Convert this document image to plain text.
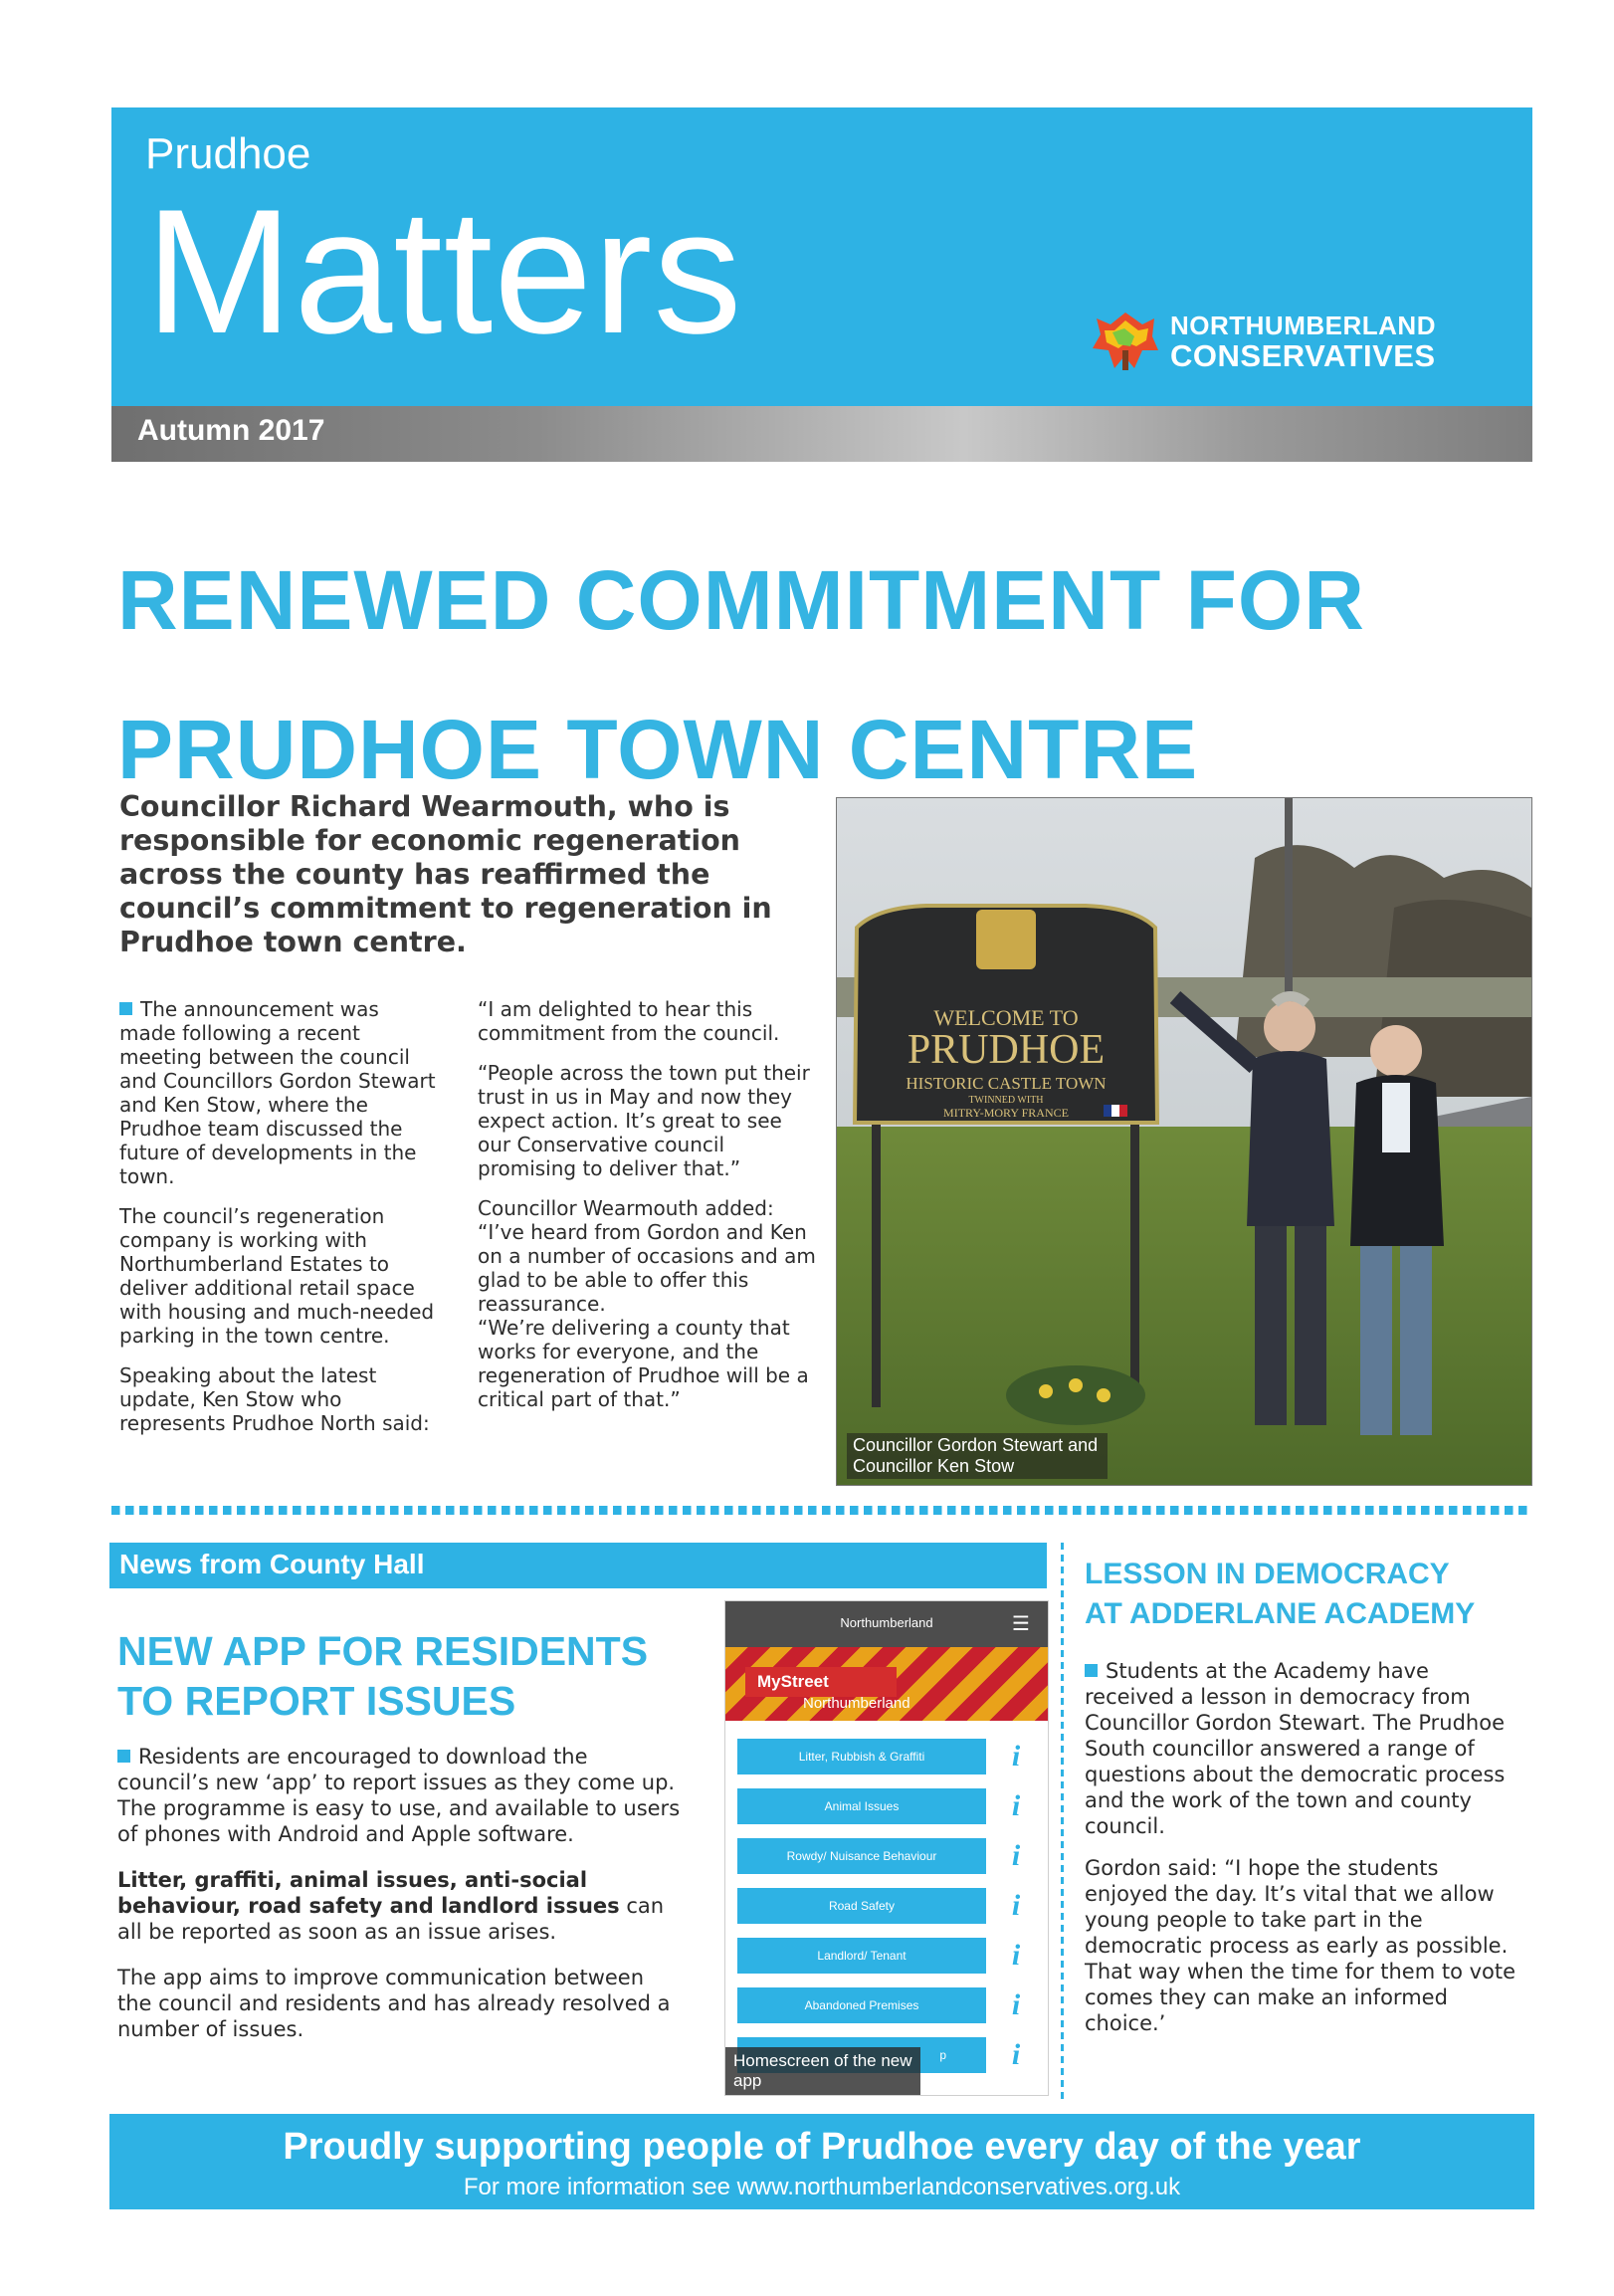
Prudhoe
Matters	NORTHUMBERLAND
CONSERVATIVES
Autumn 2017
RENEWED COMMITMENT FOR
PRUDHOE TOWN CENTRE
Councillor Richard Wearmouth, who is responsible for economic regeneration across the county has reaffirmed the council’s commitment to regeneration in Prudhoe town centre.

The announcement was made following a recent meeting between the council and Councillors Gordon Stewart and Ken Stow, where the Prudhoe team discussed the future of developments in the town.

The council’s regeneration company is working with Northumberland Estates to deliver additional retail space with housing and much-needed parking in the town centre.

Speaking about the latest update, Ken Stow who represents Prudhoe North said:

“I am delighted to hear this commitment from the council.

“People across the town put their trust in us in May and now they expect action. It’s great to see our Conservative council promising to deliver that.”

Councillor Wearmouth added: “I’ve heard from Gordon and Ken on a number of occasions and am glad to be able to offer this reassurance.

“We’re delivering a county that works for everyone, and the regeneration of Prudhoe will be a critical part of that.”

WELCOME TO
PRUDHOE
HISTORIC CASTLE TOWN
TWINNED WITH
MITRY-MORY FRANCE
Councillor Gordon Stewart and Councillor Ken Stow
News from County Hall
NEW APP FOR RESIDENTS
TO REPORT ISSUES

Residents are encouraged to download the council’s new ‘app’ to report issues as they come up. The programme is easy to use, and available to users of phones with Android and Apple software.

Litter, graffiti, animal issues, anti-social behaviour, road safety and landlord issues can all be reported as soon as an issue arises.

The app aims to improve communication between the council and residents and has already resolved a number of issues.

Northumberland	☰
MyStreet
Northumberland
Litter, Rubbish & Graffiti	i
Animal Issues	i
Rowdy/ Nuisance Behaviour	i
Road Safety	i
Landlord/ Tenant	i
Abandoned Premises	i
p	i
Homescreen of the new app
LESSON IN DEMOCRACY
AT ADDERLANE ACADEMY

Students at the Academy have received a lesson in democracy from Councillor Gordon Stewart. The Prudhoe South councillor answered a range of questions about the democratic process and the work of the town and county council.

Gordon said: “I hope the students enjoyed the day. It’s vital that we allow young people to take part in the democratic process as early as possible. That way when the time for them to vote comes they can make an informed choice.’

Proudly supporting people of Prudhoe every day of the year
For more information see www.northumberlandconservatives.org.uk
